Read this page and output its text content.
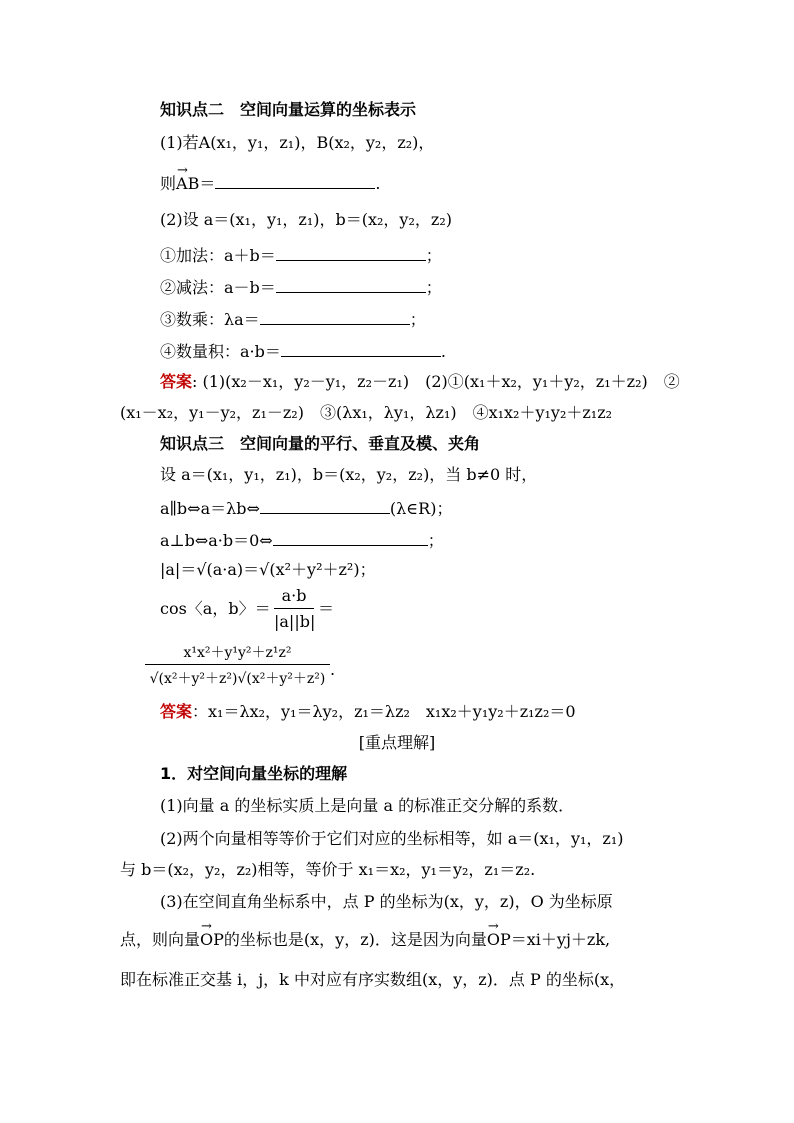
知识点二　空间向量运算的坐标表示
(1)若A(x₁，y₁，z₁)，B(x₂，y₂，z₂)，
则→ AB＝	.
(2)设 a＝(x₁，y₁，z₁)，b＝(x₂，y₂，z₂)
①加法：a＋b＝	；
②减法：a－b＝	；
③数乘：λa＝	；
④数量积：a·b＝	.
答案: (1)(x₂－x₁，y₂－y₁，z₂－z₁)　(2)①(x₁＋x₂，y₁＋y₂，z₁＋z₂)　②
(x₁－x₂，y₁－y₂，z₁－z₂)　③(λx₁，λy₁，λz₁)　④x₁x₂＋y₁y₂＋z₁z₂
知识点三　空间向量的平行、垂直及模、夹角
设 a＝(x₁，y₁，z₁)，b＝(x₂，y₂，z₂)，当 b≠0 时，
a∥b⇔a＝λb⇔	(λ∈R)；
a⊥b⇔a·b＝0⇔	；
|a|＝√(a·a)＝√(x²＋y²＋z²)；
cos〈a，b〉＝
a·b
|a||b|
＝
x¹x²＋y¹y²＋z¹z²
√(x²＋y²＋z²)√(x²＋y²＋z²) .
答案：x₁＝λx₂，y₁＝λy₂，z₁＝λz₂　x₁x₂＋y₁y₂＋z₁z₂＝0
[重点理解]
1．对空间向量坐标的理解
(1)向量 a 的坐标实质上是向量 a 的标准正交分解的系数．
(2)两个向量相等等价于它们对应的坐标相等，如 a＝(x₁，y₁，z₁)
与 b＝(x₂，y₂，z₂)相等，等价于 x₁＝x₂，y₁＝y₂，z₁＝z₂.
(3)在空间直角坐标系中，点 P 的坐标为(x，y，z)，O 为坐标原
点，则向量→ OP的坐标也是(x，y，z)．这是因为向量→ OP＝xi＋yj＋zk,
即在标准正交基 i，j，k 中对应有序实数组(x，y，z)．点 P 的坐标(x，
